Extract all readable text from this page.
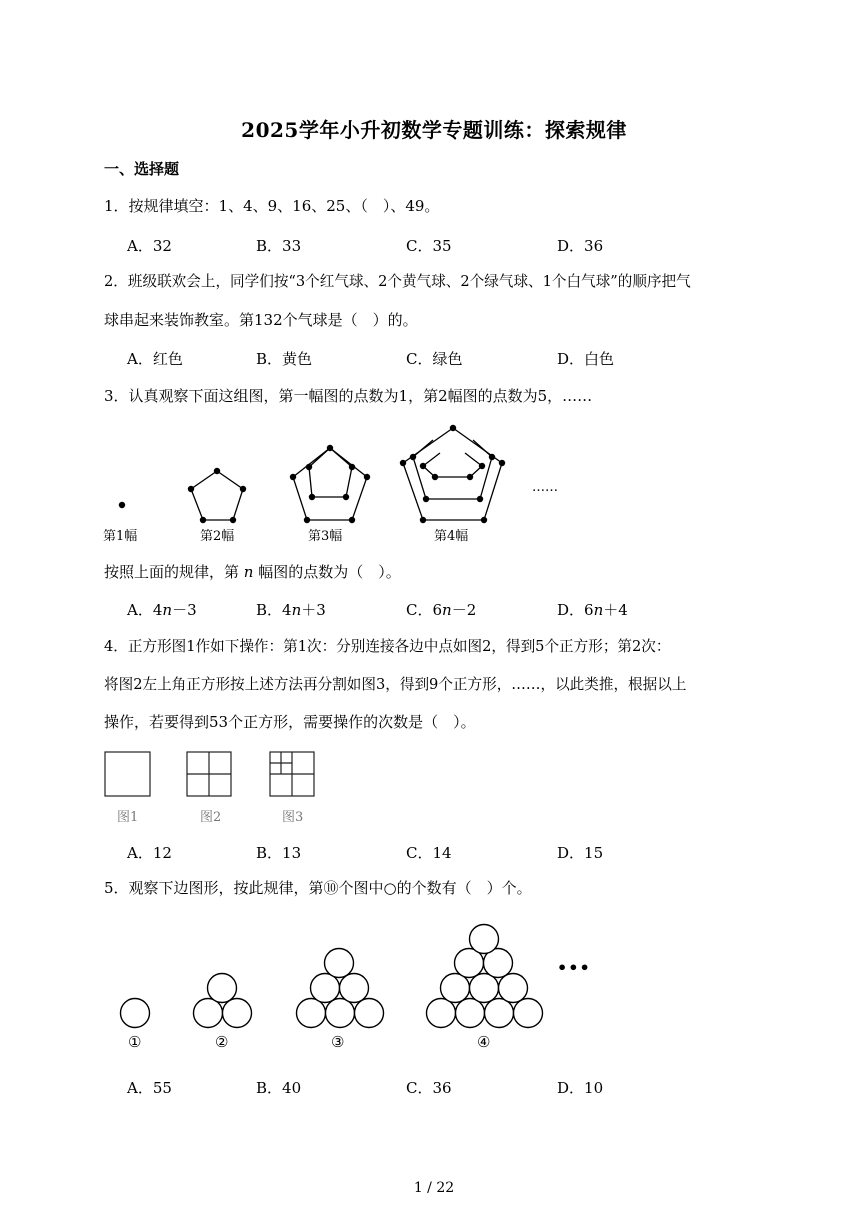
2025学年小升初数学专题训练：探索规律
一、选择题
1．按规律填空：1、4、9、16、25、（　）、49。
A．32	B．33	C．35	D．36
2．班级联欢会上，同学们按“3个红气球、2个黄气球、2个绿气球、1个白气球”的顺序把气
球串起来装饰教室。第132个气球是（　）的。
A．红色	B．黄色	C．绿色	D．白色
3．认真观察下面这组图，第一幅图的点数为1，第2幅图的点数为5，……
第1幅	第2幅	第3幅	第4幅
……
按照上面的规律，第 n 幅图的点数为（　）。
A．4n－3	B．4n＋3	C．6n－2	D．6n＋4
4．正方形图1作如下操作：第1次：分别连接各边中点如图2，得到5个正方形；第2次：
将图2左上角正方形按上述方法再分割如图3，得到9个正方形，……，以此类推，根据以上
操作，若要得到53个正方形，需要操作的次数是（　）。
图1	图2	图3
A．12	B．13	C．14	D．15
5．观察下边图形，按此规律，第⑩个图中○的个数有（　）个。
①	②	③	④
•••
A．55	B．40	C．36	D．10
1 / 22
